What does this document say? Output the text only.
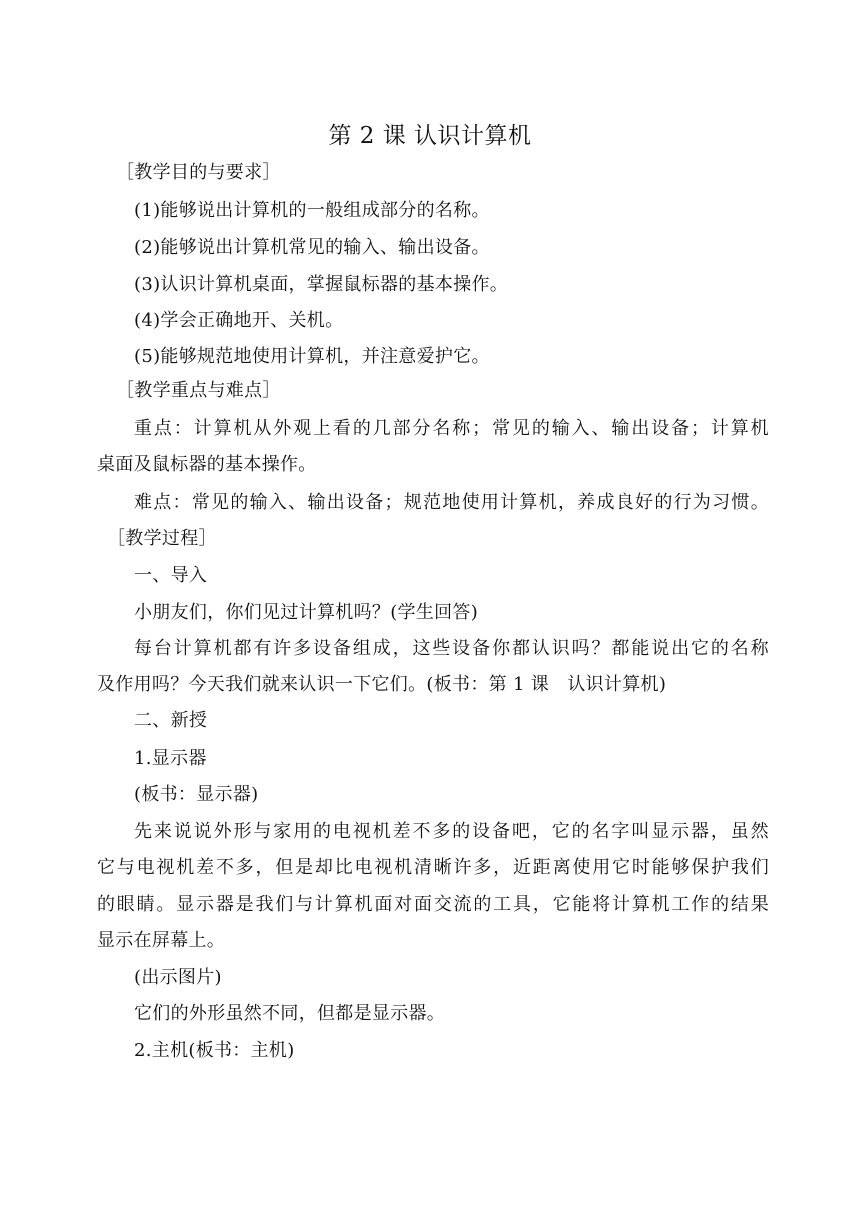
第 2 课 认识计算机
［教学目的与要求］
(1)能够说出计算机的一般组成部分的名称。
(2)能够说出计算机常见的输入、输出设备。
(3)认识计算机桌面，掌握鼠标器的基本操作。
(4)学会正确地开、关机。
(5)能够规范地使用计算机，并注意爱护它。
［教学重点与难点］
重点：计算机从外观上看的几部分名称；常见的输入、输出设备；计算机
桌面及鼠标器的基本操作。
难点：常见的输入、输出设备；规范地使用计算机，养成良好的行为习惯。
［教学过程］
一、导入
小朋友们，你们见过计算机吗？(学生回答)
每台计算机都有许多设备组成，这些设备你都认识吗？都能说出它的名称
及作用吗？今天我们就来认识一下它们。(板书：第 1 课　认识计算机)
二、新授
1.显示器
(板书：显示器)
先来说说外形与家用的电视机差不多的设备吧，它的名字叫显示器，虽然
它与电视机差不多，但是却比电视机清晰许多，近距离使用它时能够保护我们
的眼睛。显示器是我们与计算机面对面交流的工具，它能将计算机工作的结果
显示在屏幕上。
(出示图片)
它们的外形虽然不同，但都是显示器。
2.主机(板书：主机)
